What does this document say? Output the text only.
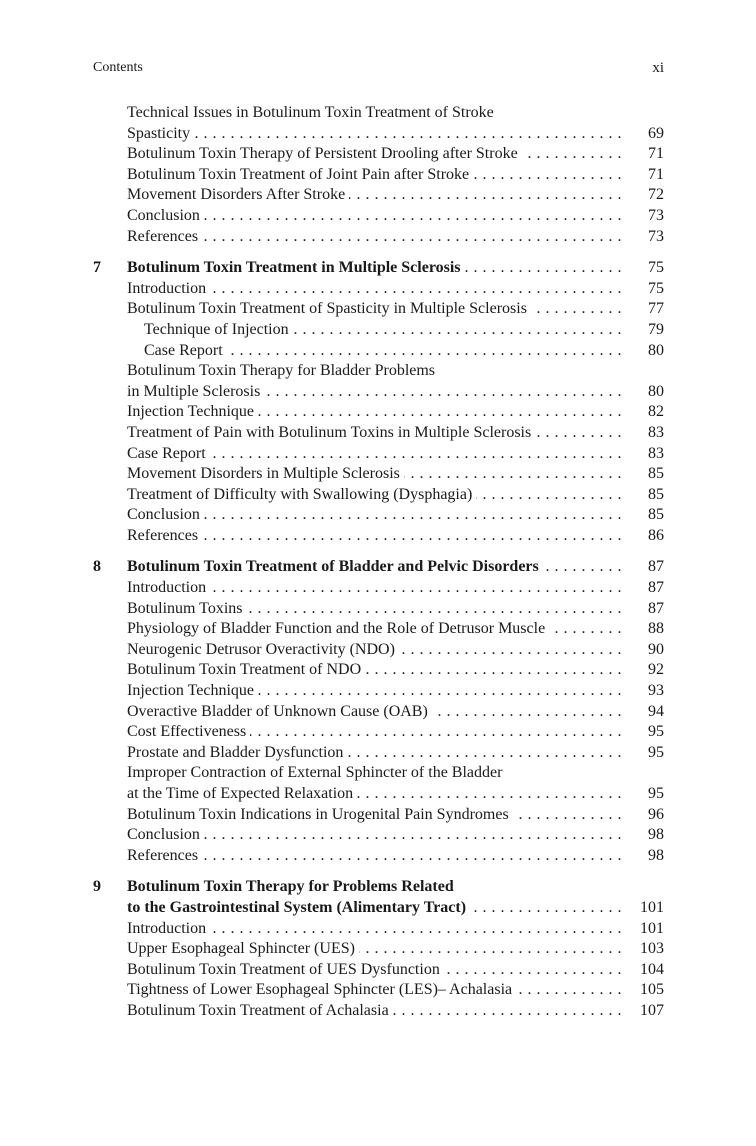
Contents	xi
Technical Issues in Botulinum Toxin Treatment of Stroke
Spasticity . . .	69
Botulinum Toxin Therapy of Persistent Drooling after Stroke . . .	71
Botulinum Toxin Treatment of Joint Pain after Stroke . . .	71
Movement Disorders After Stroke . . .	72
Conclusion . . .	73
References . . .	73
7 Botulinum Toxin Treatment in Multiple Sclerosis . . .	75
Introduction . . .	75
Botulinum Toxin Treatment of Spasticity in Multiple Sclerosis . . .	77
Technique of Injection . . .	79
Case Report . . .	80
Botulinum Toxin Therapy for Bladder Problems
in Multiple Sclerosis . . .	80
Injection Technique . . .	82
Treatment of Pain with Botulinum Toxins in Multiple Sclerosis . . .	83
Case Report . . .	83
Movement Disorders in Multiple Sclerosis . . .	85
Treatment of Difficulty with Swallowing (Dysphagia) . . .	85
Conclusion . . .	85
References . . .	86
8 Botulinum Toxin Treatment of Bladder and Pelvic Disorders . . .	87
Introduction . . .	87
Botulinum Toxins . . .	87
Physiology of Bladder Function and the Role of Detrusor Muscle . . .	88
Neurogenic Detrusor Overactivity (NDO) . . .	90
Botulinum Toxin Treatment of NDO . . .	92
Injection Technique . . .	93
Overactive Bladder of Unknown Cause (OAB) . . .	94
Cost Effectiveness . . .	95
Prostate and Bladder Dysfunction . . .	95
Improper Contraction of External Sphincter of the Bladder
at the Time of Expected Relaxation . . .	95
Botulinum Toxin Indications in Urogenital Pain Syndromes . . .	96
Conclusion . . .	98
References . . .	98
9 Botulinum Toxin Therapy for Problems Related
to the Gastrointestinal System (Alimentary Tract) . . .	101
Introduction . . .	101
Upper Esophageal Sphincter (UES) . . .	103
Botulinum Toxin Treatment of UES Dysfunction . . .	104
Tightness of Lower Esophageal Sphincter (LES)– Achalasia . . .	105
Botulinum Toxin Treatment of Achalasia . . .	107
